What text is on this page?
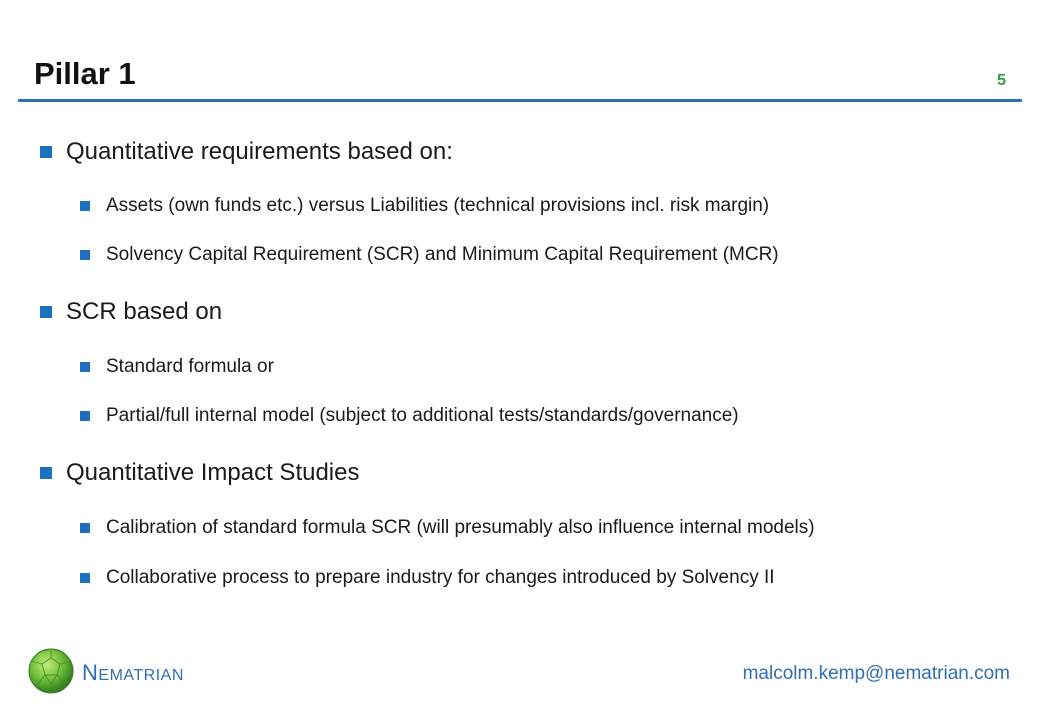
Pillar 1	5
Quantitative requirements based on:
Assets (own funds etc.) versus Liabilities (technical provisions incl. risk margin)
Solvency Capital Requirement (SCR) and Minimum Capital Requirement (MCR)
SCR based on
Standard formula or
Partial/full internal model (subject to additional tests/standards/governance)
Quantitative Impact Studies
Calibration of standard formula SCR (will presumably also influence internal models)
Collaborative process to prepare industry for changes introduced by Solvency II
NEMATRIAN	malcolm.kemp@nematrian.com
